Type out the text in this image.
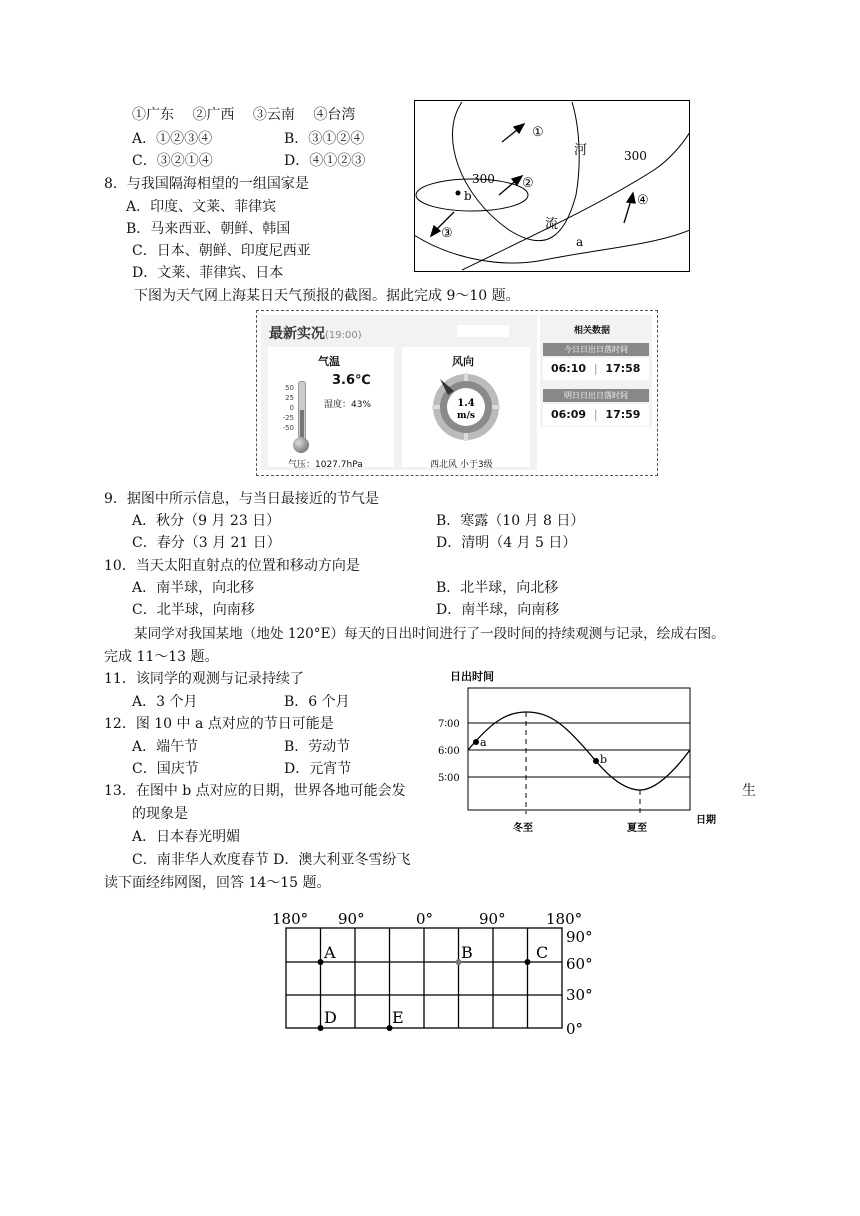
①广东　 ②广西　 ③云南　 ④台湾
A．①②③④	B．③①②④
C．③②①④	D．④①②③
8．与我国隔海相望的一组国家是
A．印度、文莱、菲律宾
B．马来西亚、朝鲜、韩国
C．日本、朝鲜、印度尼西亚
D．文莱、菲律宾、日本
①
②
③
④
300
300
河
流
a
b
下图为天气网上海某日天气预报的截图。据此完成 9～10 题。
最新实况(19:00)
气温
3.6℃
湿度：43%
50
25
0
-25
-50
气压：1027.7hPa
风向
1.4
m/s
西北风 小于3级
相关数据
今日日出日落时间
06:10 | 17:58
明日日出日落时间
06:09 | 17:59
9．据图中所示信息，与当日最接近的节气是
A．秋分（9 月 23 日）	B．寒露（10 月 8 日）
C．春分（3 月 21 日）	D．清明（4 月 5 日）
10．当天太阳直射点的位置和移动方向是
A．南半球，向北移	B．北半球，向北移
C．北半球，向南移	D．南半球，向南移
某同学对我国某地（地处 120°E）每天的日出时间进行了一段时间的持续观测与记录，绘成右图。
完成 11～13 题。
11．该同学的观测与记录持续了
A．3 个月	B．6 个月
12．图 10 中 a 点对应的节日可能是
A．端午节	B．劳动节
C．国庆节	D．元宵节
13．在图中 b 点对应的日期，世界各地可能会发	生
的现象是
A．日本春光明媚
C．南非华人欢度春节 D．澳大利亚冬雪纷飞
日出时间
7∶00
6∶00
5∶00
a
b
冬至	夏至
日期
读下面经纬网图，回答 14～15 题。
180° 90°	0°	90°	180°
90°
60°
30°
0°
A	B	C
D	E
